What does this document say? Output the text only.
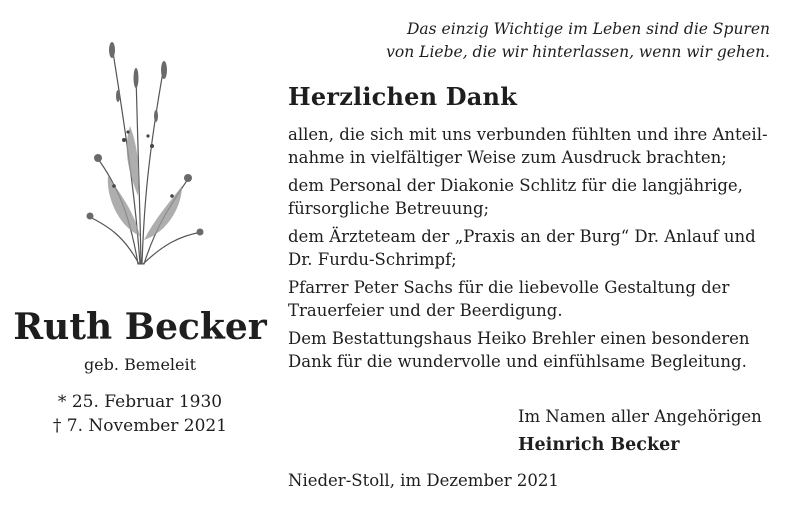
Das einzig Wichtige im Leben sind die Spuren
von Liebe, die wir hinterlassen, wenn wir gehen.
Herzlichen Dank
allen, die sich mit uns verbunden fühlten und ihre Anteil-
nahme in vielfältiger Weise zum Ausdruck brachten;
dem Personal der Diakonie Schlitz für die langjährige,
fürsorgliche Betreuung;
dem Ärzteteam der „Praxis an der Burg“ Dr. Anlauf und
Dr. Furdu-Schrimpf;
Pfarrer Peter Sachs für die liebevolle Gestaltung der
Trauerfeier und der Beerdigung.
Dem Bestattungshaus Heiko Brehler einen besonderen
Dank für die wundervolle und einfühlsame Begleitung.
Im Namen aller Angehörigen
Heinrich Becker
Nieder-Stoll, im Dezember 2021
Ruth Becker
geb. Bemeleit
* 25. Februar 1930
† 7. November 2021
